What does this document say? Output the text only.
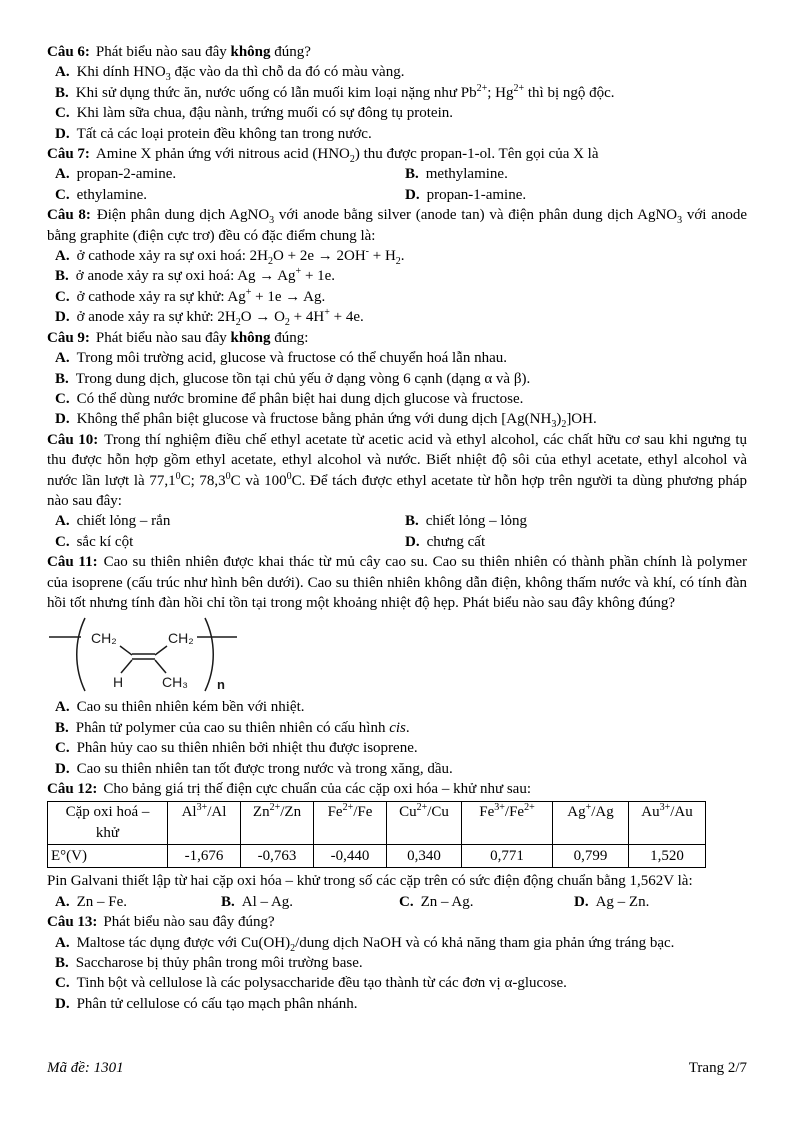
Câu 6: Phát biểu nào sau đây không đúng?

A. Khi dính $HNO_3$ đặc vào da thì chỗ da đó có màu vàng.
B. Khi sử dụng thức ăn, nước uống có lẫn muối kim loại nặng như $Pb^{2+}$; $Hg^{2+}$ thì bị ngộ độc.
C. Khi làm sữa chua, đậu nành, trứng muối có sự đông tụ protein.
D. Tất cả các loại protein đều không tan trong nước.

Câu 7: Amine X phản ứng với nitrous acid $(HNO_2)$ thu được propan-1-ol. Tên gọi của X là

A. propan-2-amine.	B. methylamine.
C. ethylamine.	D. propan-1-amine.

Câu 8: Điện phân dung dịch AgNO$_3$ với anode bằng silver (anode tan) và điện phân dung dịch AgNO$_3$ với anode bằng graphite (điện cực trơ) đều có đặc điểm chung là:

A. ở cathode xảy ra sự oxi hoá: $2H_2O + 2e \to 2OH^- + H_2$.
B. ở anode xảy ra sự oxi hoá: Ag → Ag+ + 1e.
C. ở cathode xảy ra sự khử: Ag+ + 1e → Ag.
D. ở anode xảy ra sự khử: $2H_2O \to O_2 + 4H^+ + 4e$.

Câu 9: Phát biểu nào sau đây không đúng:

A. Trong môi trường acid, glucose và fructose có thể chuyển hoá lẫn nhau.
B. Trong dung dịch, glucose tồn tại chủ yếu ở dạng vòng 6 cạnh (dạng α và β).
C. Có thể dùng nước bromine để phân biệt hai dung dịch glucose và fructose.
D. Không thể phân biệt glucose và fructose bằng phản ứng với dung dịch $[Ag(NH_3)_2]OH$.

Câu 10: Trong thí nghiệm điều chế ethyl acetate từ acetic acid và ethyl alcohol, các chất hữu cơ sau khi ngưng tụ thu được hỗn hợp gồm ethyl acetate, ethyl alcohol và nước. Biết nhiệt độ sôi của ethyl acetate, ethyl alcohol và nước lần lượt là 77,1$^0$C; 78,3$^0$C và $100^0C$. Để tách được ethyl acetate từ hỗn hợp trên người ta dùng phương pháp nào sau đây:

A. chiết lỏng – rắn	B. chiết lỏng – lỏng
C. sắc kí cột	D. chưng cất

Câu 11: Cao su thiên nhiên được khai thác từ mủ cây cao su. Cao su thiên nhiên có thành phần chính là polymer của isoprene (cấu trúc như hình bên dưới). Cao su thiên nhiên không dẫn điện, không thấm nước và khí, có tính đàn hồi tốt nhưng tính đàn hồi chỉ tồn tại trong một khoảng nhiệt độ hẹp. Phát biểu nào sau đây không đúng?

CH₂	CH₂
H	CH₃ n
A. Cao su thiên nhiên kém bền với nhiệt.
B. Phân tử polymer của cao su thiên nhiên có cấu hình cis.
C. Phân hủy cao su thiên nhiên bởi nhiệt thu được isoprene.
D. Cao su thiên nhiên tan tốt được trong nước và trong xăng, dầu.

Câu 12: Cho bảng giá trị thế điện cực chuẩn của các cặp oxi hóa – khử như sau:

Cặp oxi hoá –
khử	$Al^{3+}/Al$	$Zn^{2+}/Zn$	$Fe^{2+}/Fe$	$Cu^{2+}/Cu$	$Fe^{3+}/Fe^{2+}$	Ag+/Ag	$Au^{3+}/Au$
E°(V)	-1,676	-0,763	-0,440	0,340	0,771	0,799	1,520

Pin Galvani thiết lập từ hai cặp oxi hóa – khử trong số các cặp trên có sức điện động chuẩn bằng 1,562V là:

A. Zn – Fe.	B. Al – Ag.	C. Zn – Ag.	D. Ag – Zn.

Câu 13: Phát biểu nào sau đây đúng?

A. Maltose tác dụng được với $Cu(OH)_2$/dung dịch NaOH và có khả năng tham gia phản ứng tráng bạc.
B. Saccharose bị thủy phân trong môi trường base.
C. Tinh bột và cellulose là các polysaccharide đều tạo thành từ các đơn vị α-glucose.
D. Phân tử cellulose có cấu tạo mạch phân nhánh.
Mã đề: 1301	Trang 2/7
